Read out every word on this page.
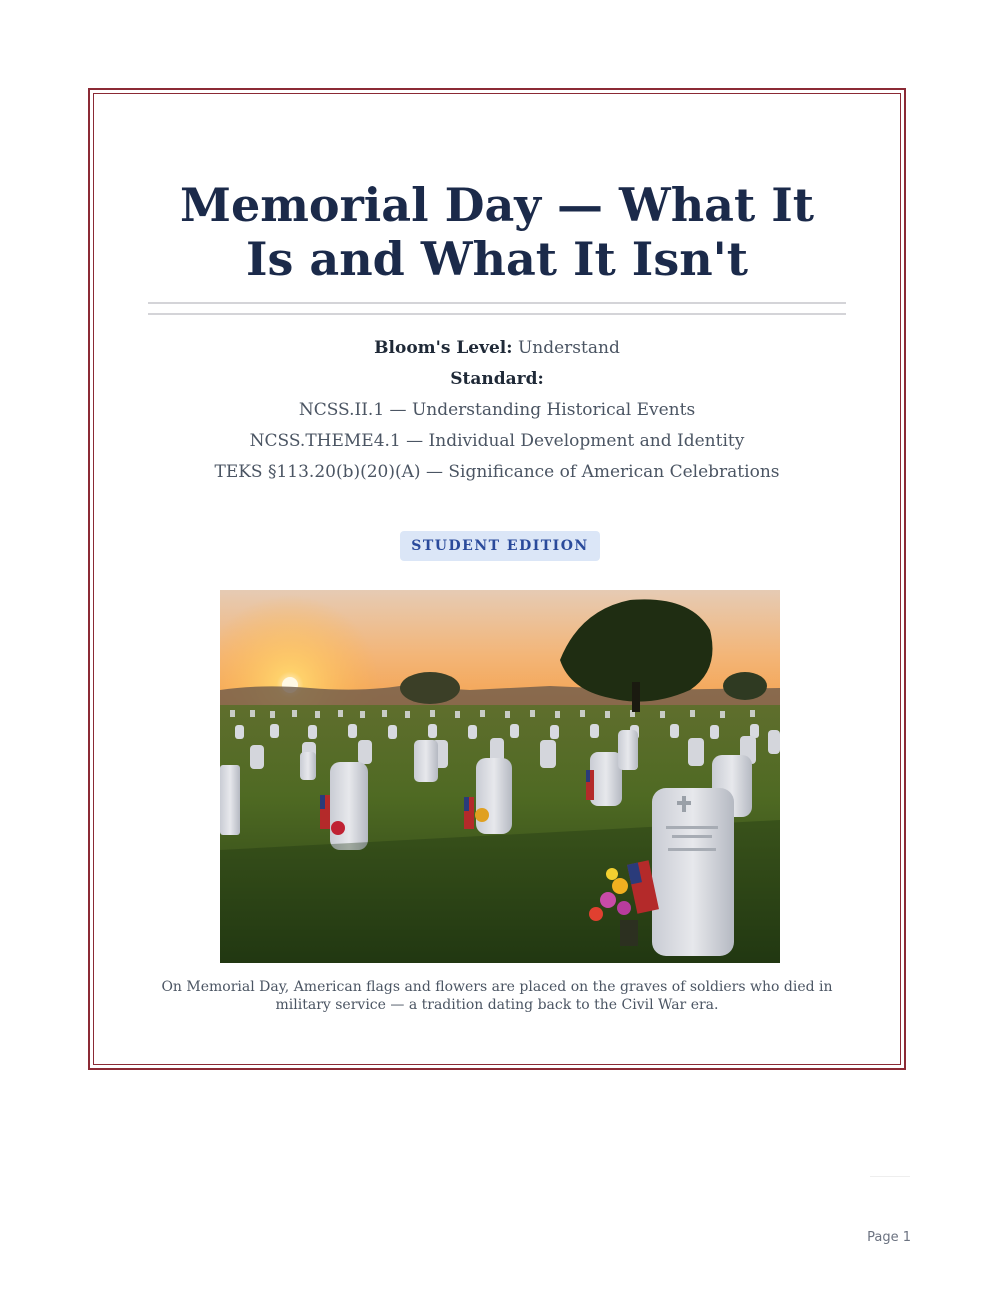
Memorial Day — What It Is and What It Isn't
Bloom's Level: Understand
Standard:
NCSS.II.1 — Understanding Historical Events
NCSS.THEME4.1 — Individual Development and Identity
TEKS §113.20(b)(20)(A) — Significance of American Celebrations
STUDENT EDITION

On Memorial Day, American flags and flowers are placed on the graves of soldiers who died in military service — a tradition dating back to the Civil War era.

Page 1
